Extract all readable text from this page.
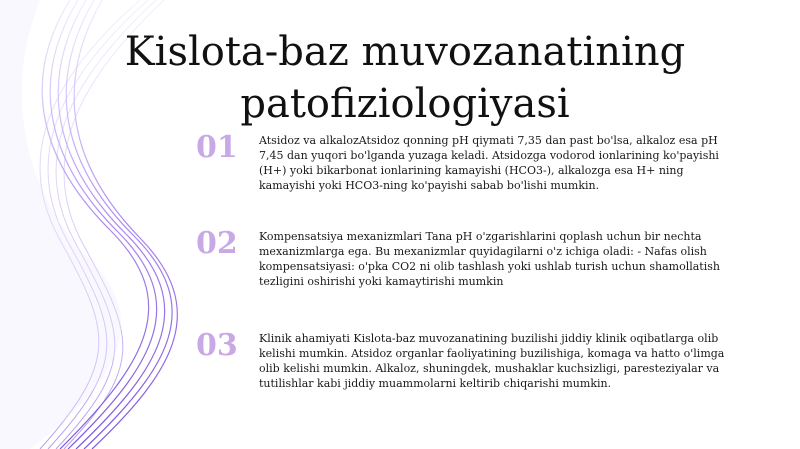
Kislota-baz muvozanatining patofiziologiyasi
01	Atsidoz va alkalozAtsidoz qonning pH qiymati 7,35 dan past bo'lsa, alkaloz esa pH 7,45 dan yuqori bo'lganda yuzaga keladi. Atsidozga vodorod ionlarining ko'payishi (H+) yoki bikarbonat ionlarining kamayishi (HCO3-), alkalozga esa H+ ning kamayishi yoki HCO3-ning ko'payishi sabab bo'lishi mumkin.

02	Kompensatsiya mexanizmlari Tana pH o'zgarishlarini qoplash uchun bir nechta mexanizmlarga ega. Bu mexanizmlar quyidagilarni o'z ichiga oladi: - Nafas olish kompensatsiyasi: o'pka CO2 ni olib tashlash yoki ushlab turish uchun shamollatish tezligini oshirishi yoki kamaytirishi mumkin

03	Klinik ahamiyati Kislota-baz muvozanatining buzilishi jiddiy klinik oqibatlarga olib kelishi mumkin. Atsidoz organlar faoliyatining buzilishiga, komaga va hatto o'limga olib kelishi mumkin. Alkaloz, shuningdek, mushaklar kuchsizligi, paresteziyalar va tutilishlar kabi jiddiy muammolarni keltirib chiqarishi mumkin.
